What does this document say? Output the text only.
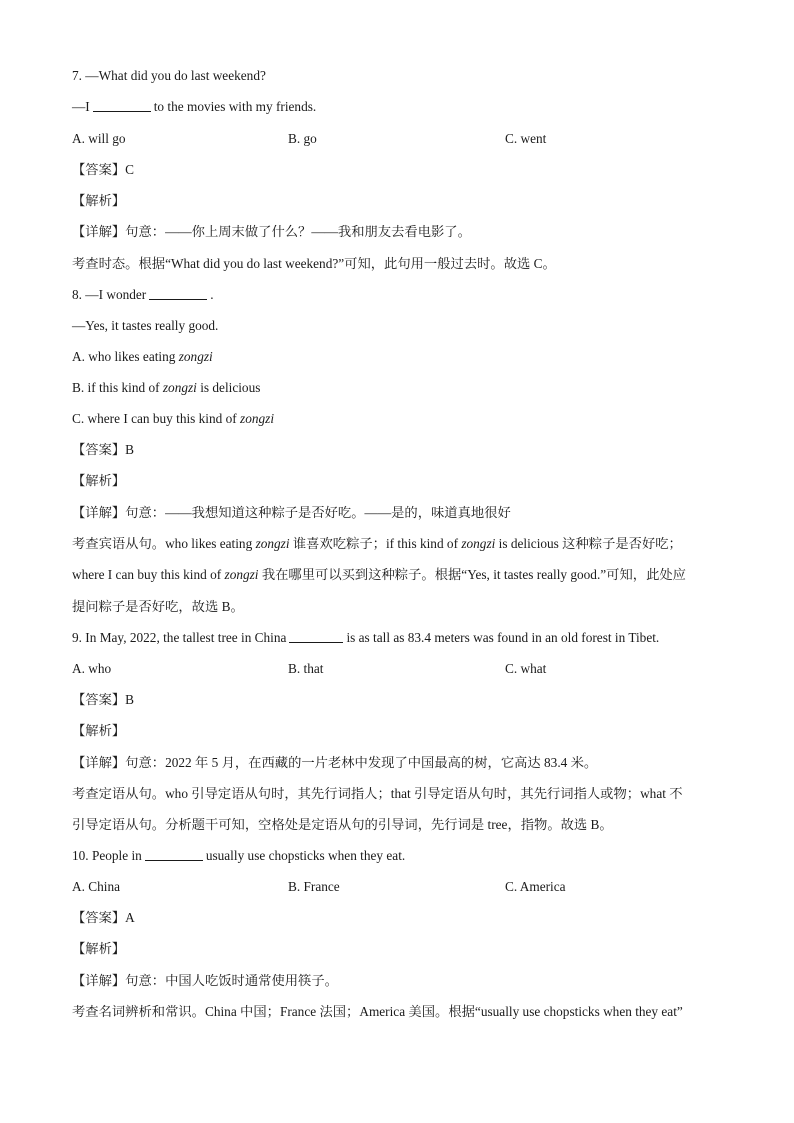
7. —What did you do last weekend?
—I	to the movies with my friends.
A. will go	B. go	C. went
【答案】C
【解析】
【详解】句意：——你上周末做了什么？——我和朋友去看电影了。
考查时态。根据“What did you do last weekend?”可知，此句用一般过去时。故选 C。
8. —I wonder	.
—Yes, it tastes really good.
A. who likes eating zongzi
B. if this kind of zongzi is delicious
C. where I can buy this kind of zongzi
【答案】B
【解析】
【详解】句意：——我想知道这种粽子是否好吃。——是的，味道真地很好
考查宾语从句。who likes eating zongzi 谁喜欢吃粽子；if this kind of zongzi is delicious 这种粽子是否好吃；
where I can buy this kind of zongzi 我在哪里可以买到这种粽子。根据“Yes, it tastes really good.”可知，此处应
提问粽子是否好吃，故选 B。
9. In May, 2022, the tallest tree in China	is as tall as 83.4 meters was found in an old forest in Tibet.
A. who	B. that	C. what
【答案】B
【解析】
【详解】句意：2022 年 5 月，在西藏的一片老林中发现了中国最高的树，它高达 83.4 米。
考查定语从句。who 引导定语从句时，其先行词指人；that 引导定语从句时，其先行词指人或物；what 不
引导定语从句。分析题干可知，空格处是定语从句的引导词，先行词是 tree，指物。故选 B。
10. People in	usually use chopsticks when they eat.
A. China	B. France	C. America
【答案】A
【解析】
【详解】句意：中国人吃饭时通常使用筷子。
考查名词辨析和常识。China 中国；France 法国；America 美国。根据“usually use chopsticks when they eat”
